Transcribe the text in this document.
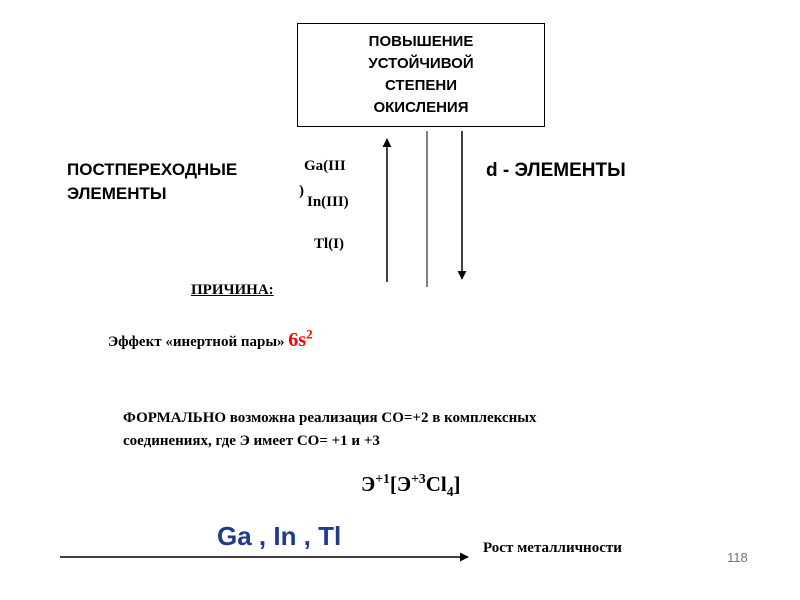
ПОВЫШЕНИЕ
УСТОЙЧИВОЙ
СТЕПЕНИ
ОКИСЛЕНИЯ
ПОСТПЕРЕХОДНЫЕ
ЭЛЕМЕНТЫ
d - ЭЛЕМЕНТЫ
Ga(III
)
In(III)
Tl(I)
ПРИЧИНА:
Эффект «инертной пары» $6s^2$
ФОРМАЛЬНО возможна реализация СО=+2 в комплексных
соединениях, где Э имеет СО= +1 и +3
$Э^{+1}[Э^{+3}Cl_4]$
Ga , In , Tl	Рост металличности
118
